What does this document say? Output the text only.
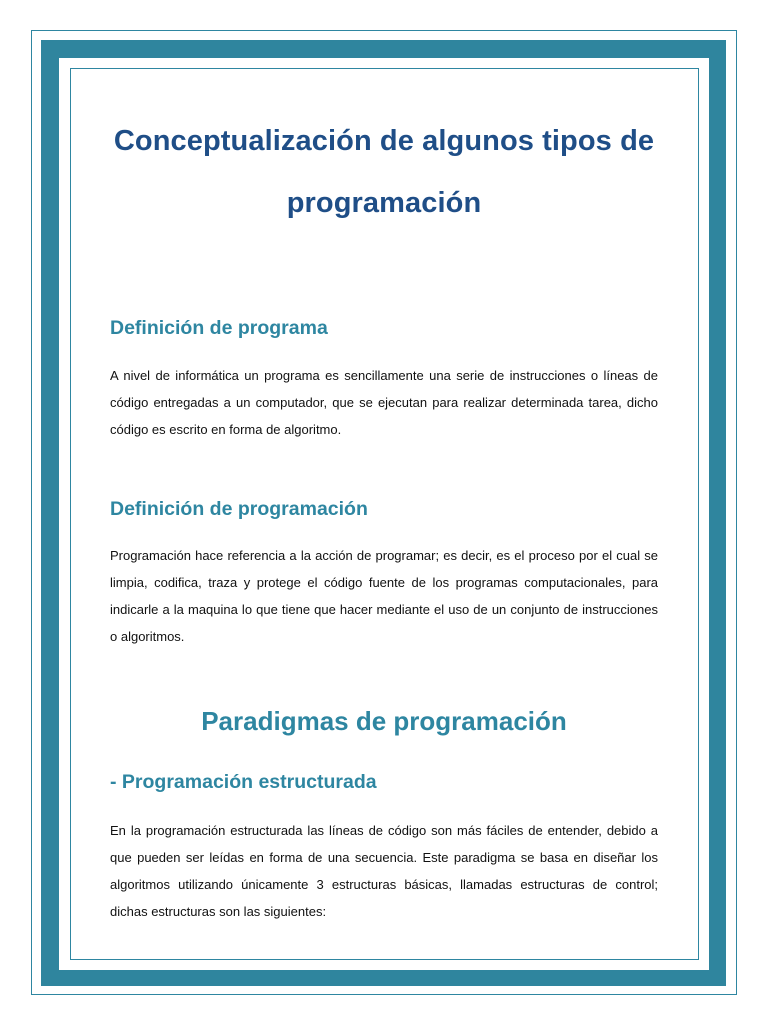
Conceptualización de algunos tipos de programación
Definición de programa

A nivel de informática un programa es sencillamente una serie de instrucciones o líneas de código entregadas a un computador, que se ejecutan para realizar determinada tarea, dicho código es escrito en forma de algoritmo.

Definición de programación

Programación hace referencia a la acción de programar; es decir, es el proceso por el cual se limpia, codifica, traza y protege el código fuente de los programas computacionales, para indicarle a la maquina lo que tiene que hacer mediante el uso de un conjunto de instrucciones o algoritmos.

Paradigmas de programación
- Programación estructurada

En la programación estructurada las líneas de código son más fáciles de entender, debido a que pueden ser leídas en forma de una secuencia. Este paradigma se basa en diseñar los algoritmos utilizando únicamente 3 estructuras básicas, llamadas estructuras de control; dichas estructuras son las siguientes:
